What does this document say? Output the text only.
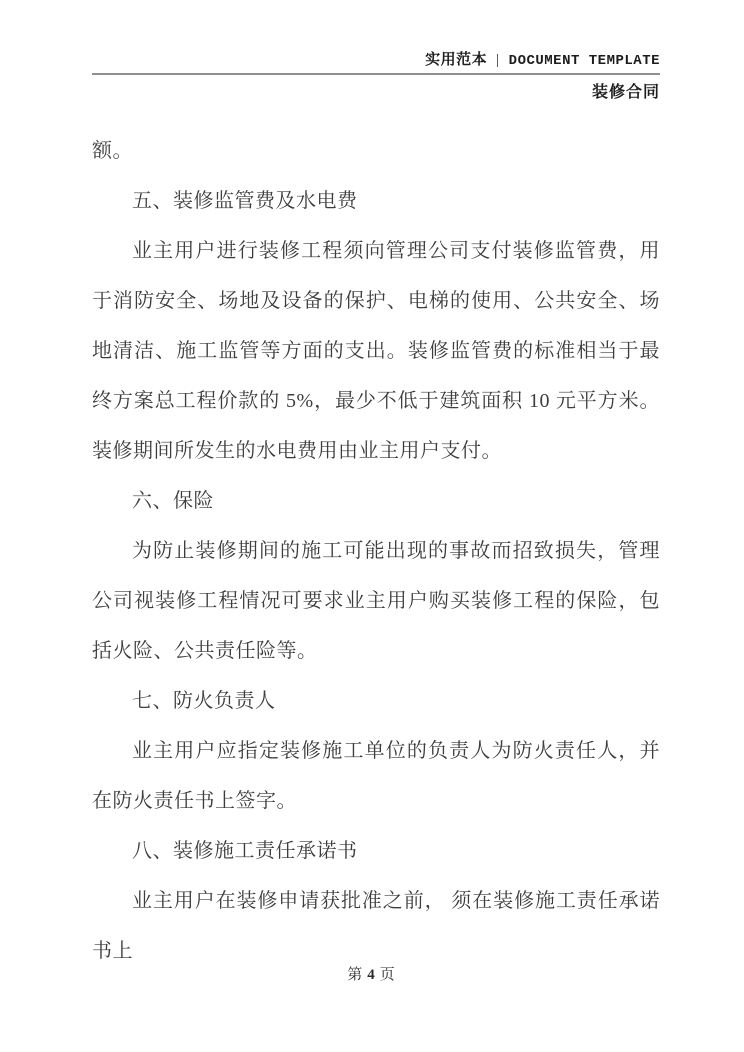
实用范本 | DOCUMENT TEMPLATE
装修合同

额。

五、装修监管费及水电费

业主用户进行装修工程须向管理公司支付装修监管费，用于消防安全、场地及设备的保护、电梯的使用、公共安全、场地清洁、施工监管等方面的支出。装修监管费的标准相当于最终方案总工程价款的 5%，最少不低于建筑面积 10 元平方米。装修期间所发生的水电费用由业主用户支付。

六、保险

为防止装修期间的施工可能出现的事故而招致损失，管理公司视装修工程情况可要求业主用户购买装修工程的保险，包括火险、公共责任险等。

七、防火负责人

业主用户应指定装修施工单位的负责人为防火责任人，并在防火责任书上签字。

八、装修施工责任承诺书

业主用户在装修申请获批准之前， 须在装修施工责任承诺书上

第 4 页
